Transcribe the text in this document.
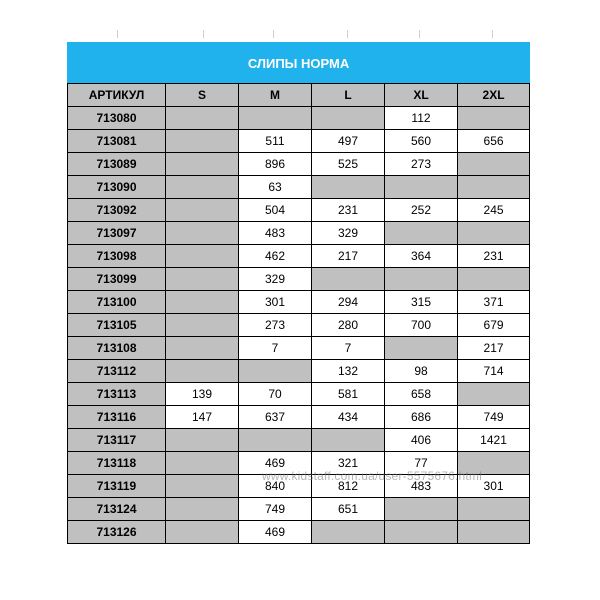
СЛИПЫ НОРМА					
АРТИКУЛ	S	M	L	XL	2XL
713080				112	
713081		511	497	560	656
713089		896	525	273	
713090		63			
713092		504	231	252	245
713097		483	329		
713098		462	217	364	231
713099		329			
713100		301	294	315	371
713105		273	280	700	679
713108		7	7		217
713112			132	98	714
713113	139	70	581	658	
713116	147	637	434	686	749
713117				406	1421
713118		469	321	77	
713119		840	812	483	301
713124		749	651		
713126		469			
www.kidstaff.com.ua/user-5575676.html
